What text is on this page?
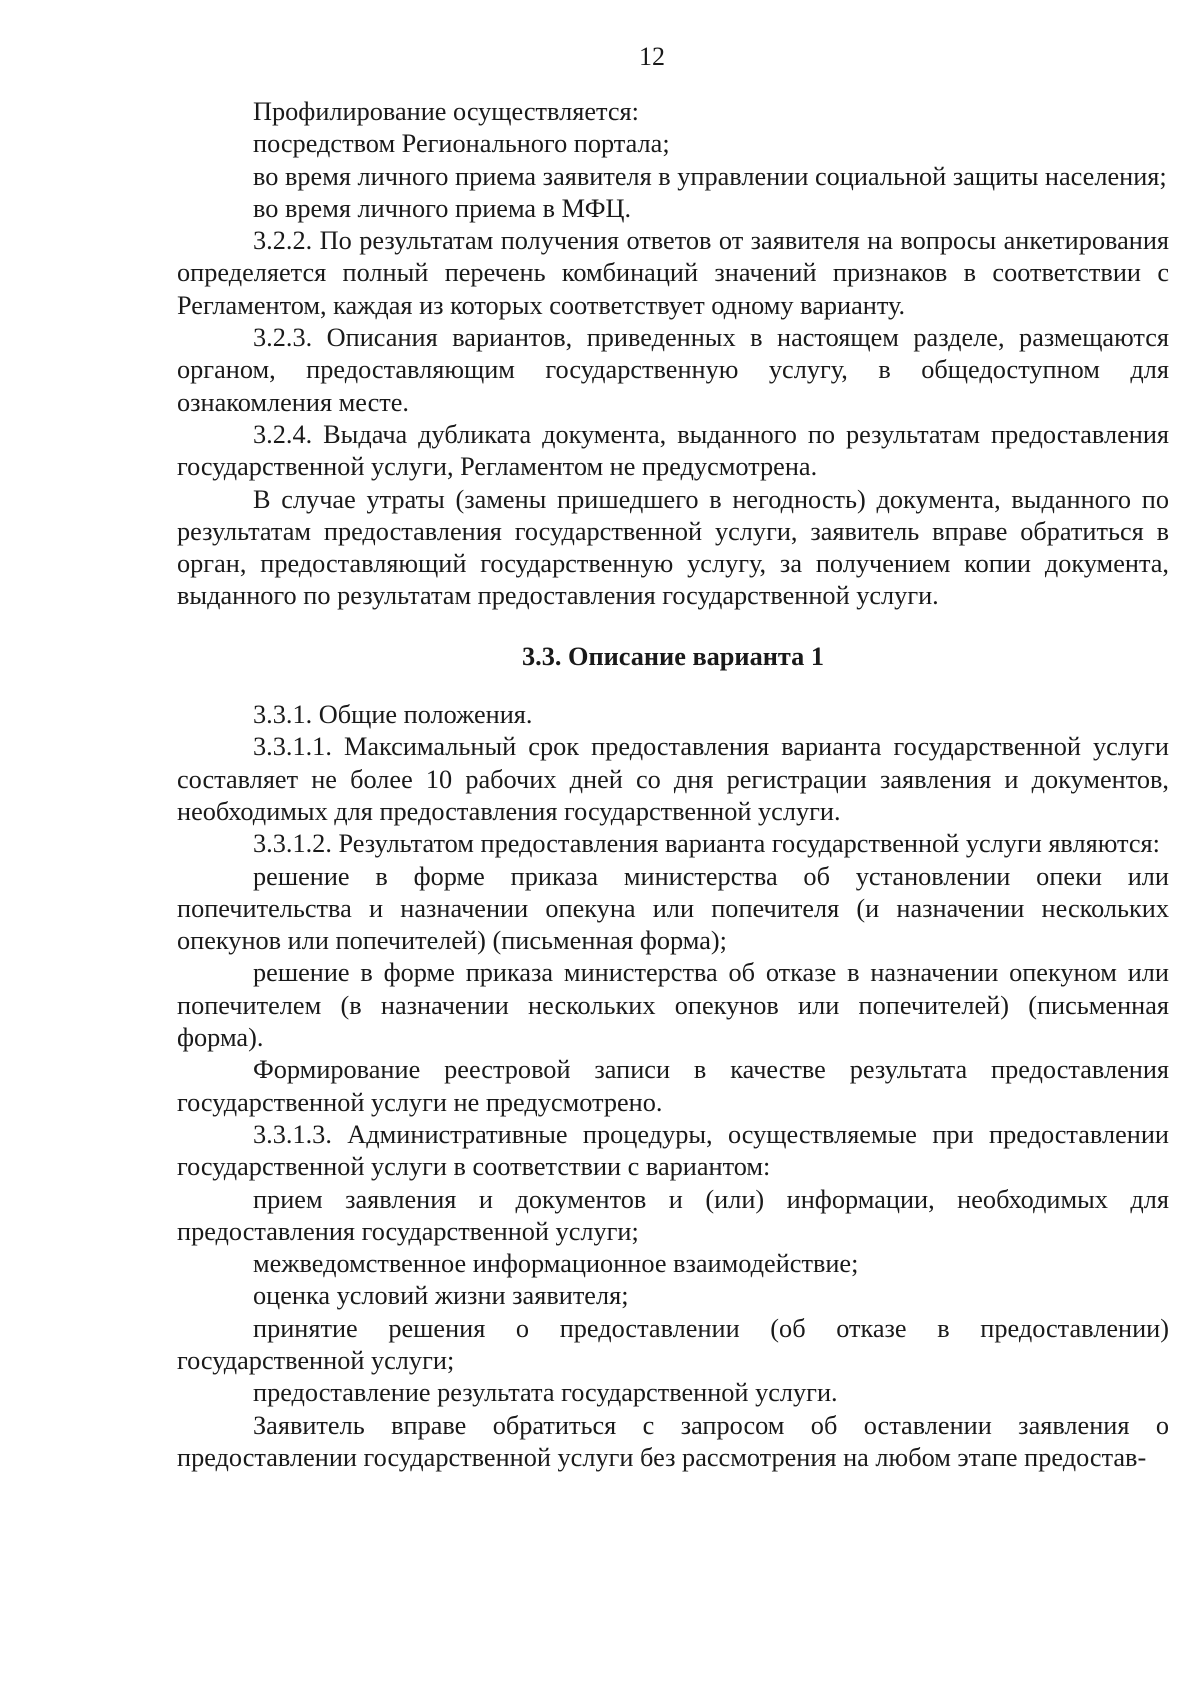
12

Профилирование осуществляется:

посредством Регионального портала;

во время личного приема заявителя в управлении социальной защиты населения;

во время личного приема в МФЦ.

3.2.2. По результатам получения ответов от заявителя на вопросы анкетирования определяется полный перечень комбинаций значений признаков в соответствии с Регламентом, каждая из которых соответствует одному варианту.

3.2.3. Описания вариантов, приведенных в настоящем разделе, размещаются органом, предоставляющим государственную услугу, в общедоступном для ознакомления месте.

3.2.4. Выдача дубликата документа, выданного по результатам предоставления государственной услуги, Регламентом не предусмотрена.

В случае утраты (замены пришедшего в негодность) документа, выданного по результатам предоставления государственной услуги, заявитель вправе обратиться в орган, предоставляющий государственную услугу, за получением копии документа, выданного по результатам предоставления государственной услуги.

3.3. Описание варианта 1

3.3.1. Общие положения.

3.3.1.1. Максимальный срок предоставления варианта государственной услуги составляет не более 10 рабочих дней со дня регистрации заявления и документов, необходимых для предоставления государственной услуги.

3.3.1.2. Результатом предоставления варианта государственной услуги являются:

решение в форме приказа министерства об установлении опеки или попечительства и назначении опекуна или попечителя (и назначении нескольких опекунов или попечителей) (письменная форма);

решение в форме приказа министерства об отказе в назначении опекуном или попечителем (в назначении нескольких опекунов или попечителей) (письменная форма).

Формирование реестровой записи в качестве результата предоставления государственной услуги не предусмотрено.

3.3.1.3. Административные процедуры, осуществляемые при предоставлении государственной услуги в соответствии с вариантом:

прием заявления и документов и (или) информации, необходимых для предоставления государственной услуги;

межведомственное информационное взаимодействие;

оценка условий жизни заявителя;

принятие решения о предоставлении (об отказе в предоставлении) государственной услуги;

предоставление результата государственной услуги.

Заявитель вправе обратиться с запросом об оставлении заявления о предоставлении государственной услуги без рассмотрения на любом этапе предостав-
